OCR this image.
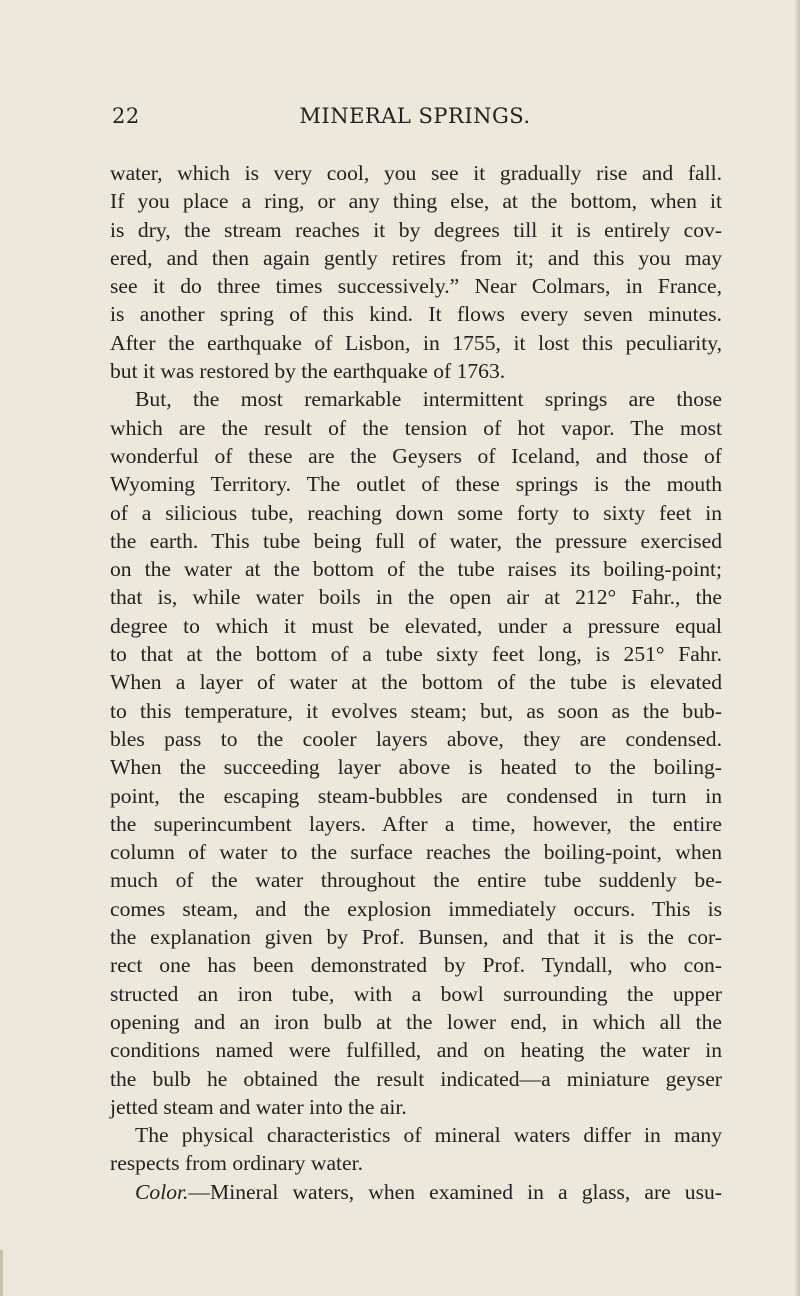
22	MINERAL SPRINGS.
water, which is very cool, you see it gradually rise and fall.
If you place a ring, or any thing else, at the bottom, when it
is dry, the stream reaches it by degrees till it is entirely cov-
ered, and then again gently retires from it; and this you may
see it do three times successively.” Near Colmars, in France,
is another spring of this kind. It flows every seven minutes.
After the earthquake of Lisbon, in 1755, it lost this peculiarity,
but it was restored by the earthquake of 1763.
But, the most remarkable intermittent springs are those
which are the result of the tension of hot vapor. The most
wonderful of these are the Geysers of Iceland, and those of
Wyoming Territory. The outlet of these springs is the mouth
of a silicious tube, reaching down some forty to sixty feet in
the earth. This tube being full of water, the pressure exercised
on the water at the bottom of the tube raises its boiling-point;
that is, while water boils in the open air at 212° Fahr., the
degree to which it must be elevated, under a pressure equal
to that at the bottom of a tube sixty feet long, is 251° Fahr.
When a layer of water at the bottom of the tube is elevated
to this temperature, it evolves steam; but, as soon as the bub-
bles pass to the cooler layers above, they are condensed.
When the succeeding layer above is heated to the boiling-
point, the escaping steam-bubbles are condensed in turn in
the superincumbent layers. After a time, however, the entire
column of water to the surface reaches the boiling-point, when
much of the water throughout the entire tube suddenly be-
comes steam, and the explosion immediately occurs. This is
the explanation given by Prof. Bunsen, and that it is the cor-
rect one has been demonstrated by Prof. Tyndall, who con-
structed an iron tube, with a bowl surrounding the upper
opening and an iron bulb at the lower end, in which all the
conditions named were fulfilled, and on heating the water in
the bulb he obtained the result indicated—a miniature geyser
jetted steam and water into the air.
The physical characteristics of mineral waters differ in many
respects from ordinary water.
Color.—Mineral waters, when examined in a glass, are usu-
